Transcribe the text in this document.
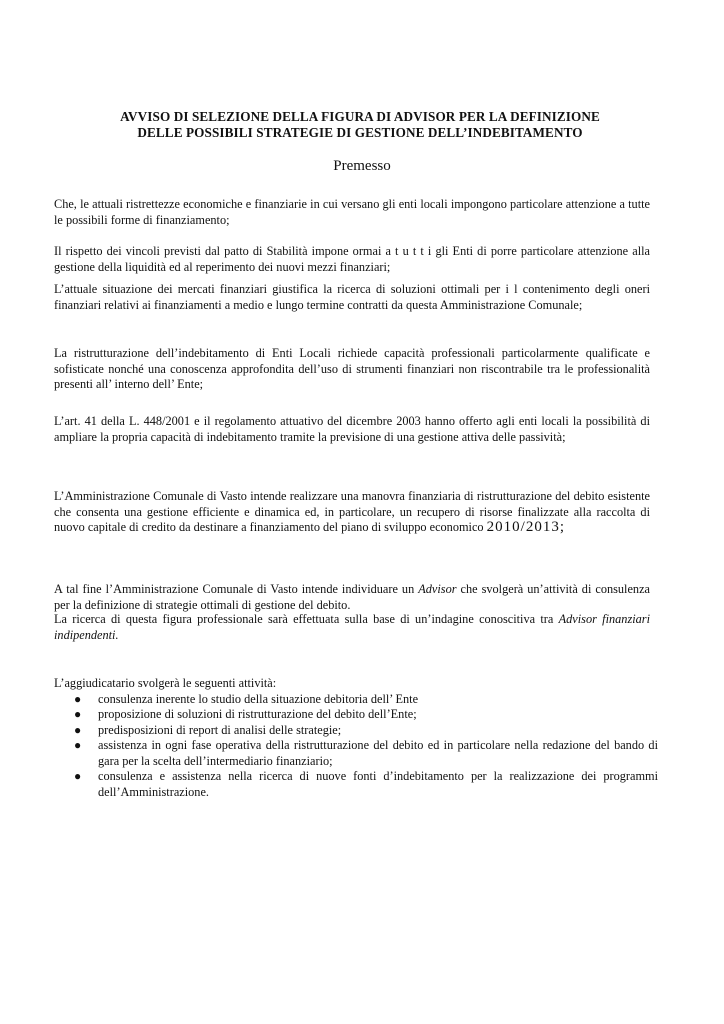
AVVISO DI SELEZIONE DELLA FIGURA DI ADVISOR PER LA DEFINIZIONE
DELLE POSSIBILI STRATEGIE DI GESTIONE DELL’INDEBITAMENTO
Premesso
Che, le attuali ristrettezze economiche e finanziarie in cui versano gli enti locali impongono particolare attenzione a tutte le possibili forme di finanziamento;
Il rispetto dei vincoli previsti dal patto di Stabilità impone ormai a t u t t i gli Enti di porre particolare attenzione alla gestione della liquidità ed al reperimento dei nuovi mezzi finanziari;
L’attuale situazione dei mercati finanziari giustifica la ricerca di soluzioni ottimali per i l contenimento degli oneri finanziari relativi ai finanziamenti a medio e lungo termine contratti da questa Amministrazione Comunale;
La ristrutturazione dell’indebitamento di Enti Locali richiede capacità professionali particolarmente qualificate e sofisticate nonché una conoscenza approfondita dell’uso di strumenti finanziari non riscontrabile tra le professionalità presenti all’ interno dell’ Ente;
L’art. 41 della L. 448/2001 e il regolamento attuativo del dicembre 2003 hanno offerto agli enti locali la possibilità di ampliare la propria capacità di indebitamento tramite la previsione di una gestione attiva delle passività;
L’Amministrazione Comunale di Vasto intende realizzare una manovra finanziaria di ristrutturazione del debito esistente che consenta una gestione efficiente e dinamica ed, in particolare, un recupero di risorse finalizzate alla raccolta di nuovo capitale di credito da destinare a finanziamento del piano di sviluppo economico 2010/2013;
A tal fine l’Amministrazione Comunale di Vasto intende individuare un Advisor che svolgerà un’attività di consulenza per la definizione di strategie ottimali di gestione del debito.
La ricerca di questa figura professionale sarà effettuata sulla base di un’indagine conoscitiva tra Advisor finanziari indipendenti.
L’aggiudicatario svolgerà le seguenti attività:
● consulenza inerente lo studio della situazione debitoria dell’ Ente
● proposizione di soluzioni di ristrutturazione del debito dell’Ente;
● predisposizioni di report di analisi delle strategie;
● assistenza in ogni fase operativa della ristrutturazione del debito ed in particolare nella redazione del bando di gara per la scelta dell’intermediario finanziario;
● consulenza e assistenza nella ricerca di nuove fonti d’indebitamento per la realizzazione dei programmi dell’Amministrazione.
